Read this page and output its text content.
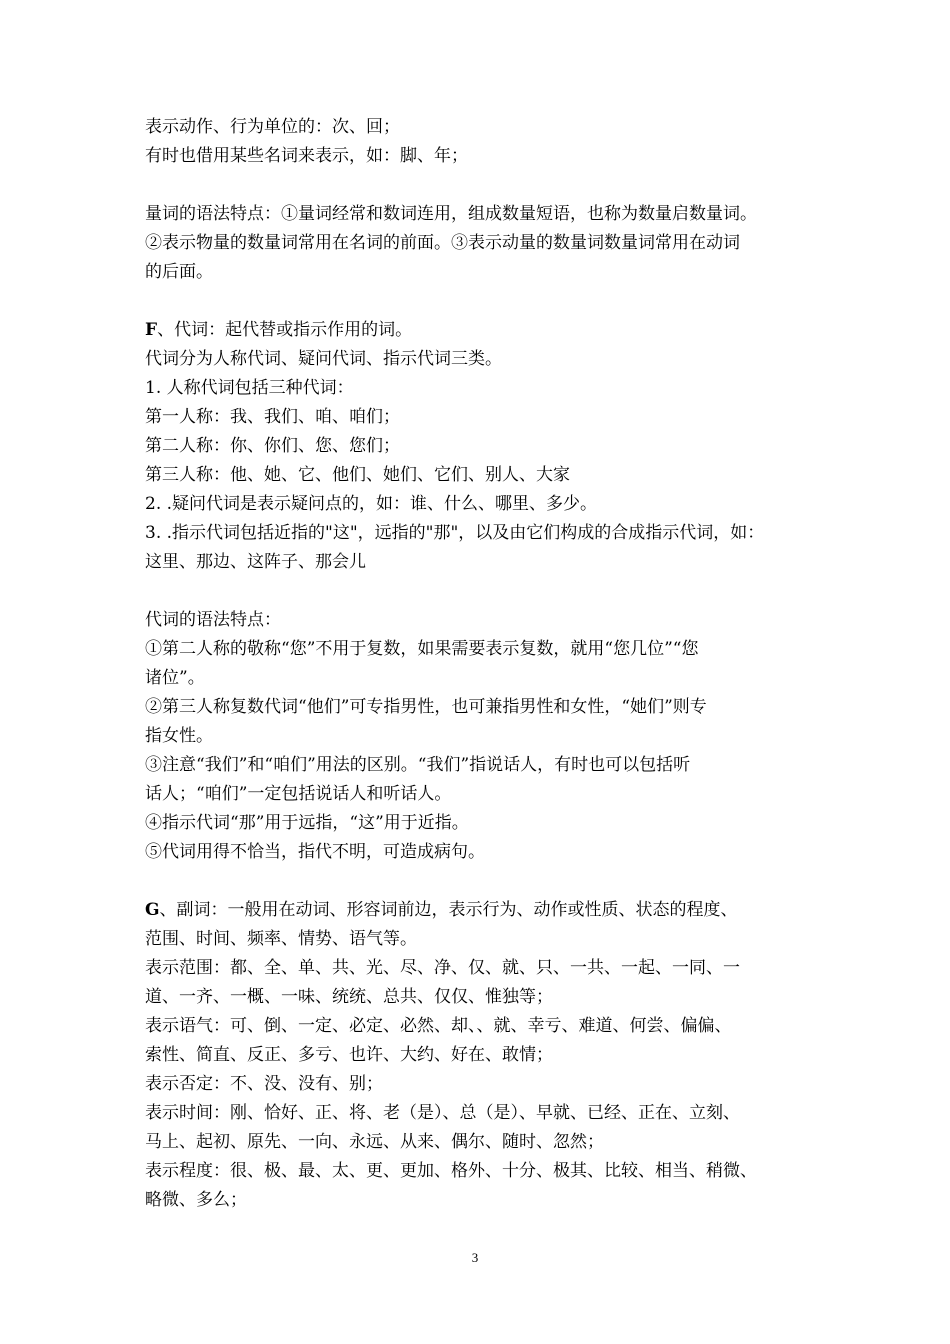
表示动作、行为单位的：次、回；
有时也借用某些名词来表示，如：脚、年；
量词的语法特点：①量词经常和数词连用，组成数量短语，也称为数量启数量词。
②表示物量的数量词常用在名词的前面。③表示动量的数量词数量词常用在动词
的后面。
F、代词：起代替或指示作用的词。
代词分为人称代词、疑问代词、指示代词三类。
1. 人称代词包括三种代词：
第一人称：我、我们、咱、咱们；
第二人称：你、你们、您、您们；
第三人称：他、她、它、他们、她们、它们、别人、大家
2. .疑问代词是表示疑问点的，如：谁、什么、哪里、多少。
3. .指示代词包括近指的"这"，远指的"那"，以及由它们构成的合成指示代词，如：
这里、那边、这阵子、那会儿
代词的语法特点：
①第二人称的敬称“您”不用于复数，如果需要表示复数，就用“您几位”“您
诸位”。
②第三人称复数代词“他们”可专指男性，也可兼指男性和女性，“她们”则专
指女性。
③注意“我们”和“咱们”用法的区别。“我们”指说话人，有时也可以包括听
话人；“咱们”一定包括说话人和听话人。
④指示代词“那”用于远指，“这”用于近指。
⑤代词用得不恰当，指代不明，可造成病句。
G、副词：一般用在动词、形容词前边，表示行为、动作或性质、状态的程度、
范围、时间、频率、情势、语气等。
表示范围：都、全、单、共、光、尽、净、仅、就、只、一共、一起、一同、一
道、一齐、一概、一味、统统、总共、仅仅、惟独等；
表示语气：可、倒、一定、必定、必然、却、、就、幸亏、难道、何尝、偏偏、
索性、简直、反正、多亏、也许、大约、好在、敢情；
表示否定：不、没、没有、别；
表示时间：刚、恰好、正、将、老（是）、总（是）、早就、已经、正在、立刻、
马上、起初、原先、一向、永远、从来、偶尔、随时、忽然；
表示程度：很、极、最、太、更、更加、格外、十分、极其、比较、相当、稍微、
略微、多么；
3
